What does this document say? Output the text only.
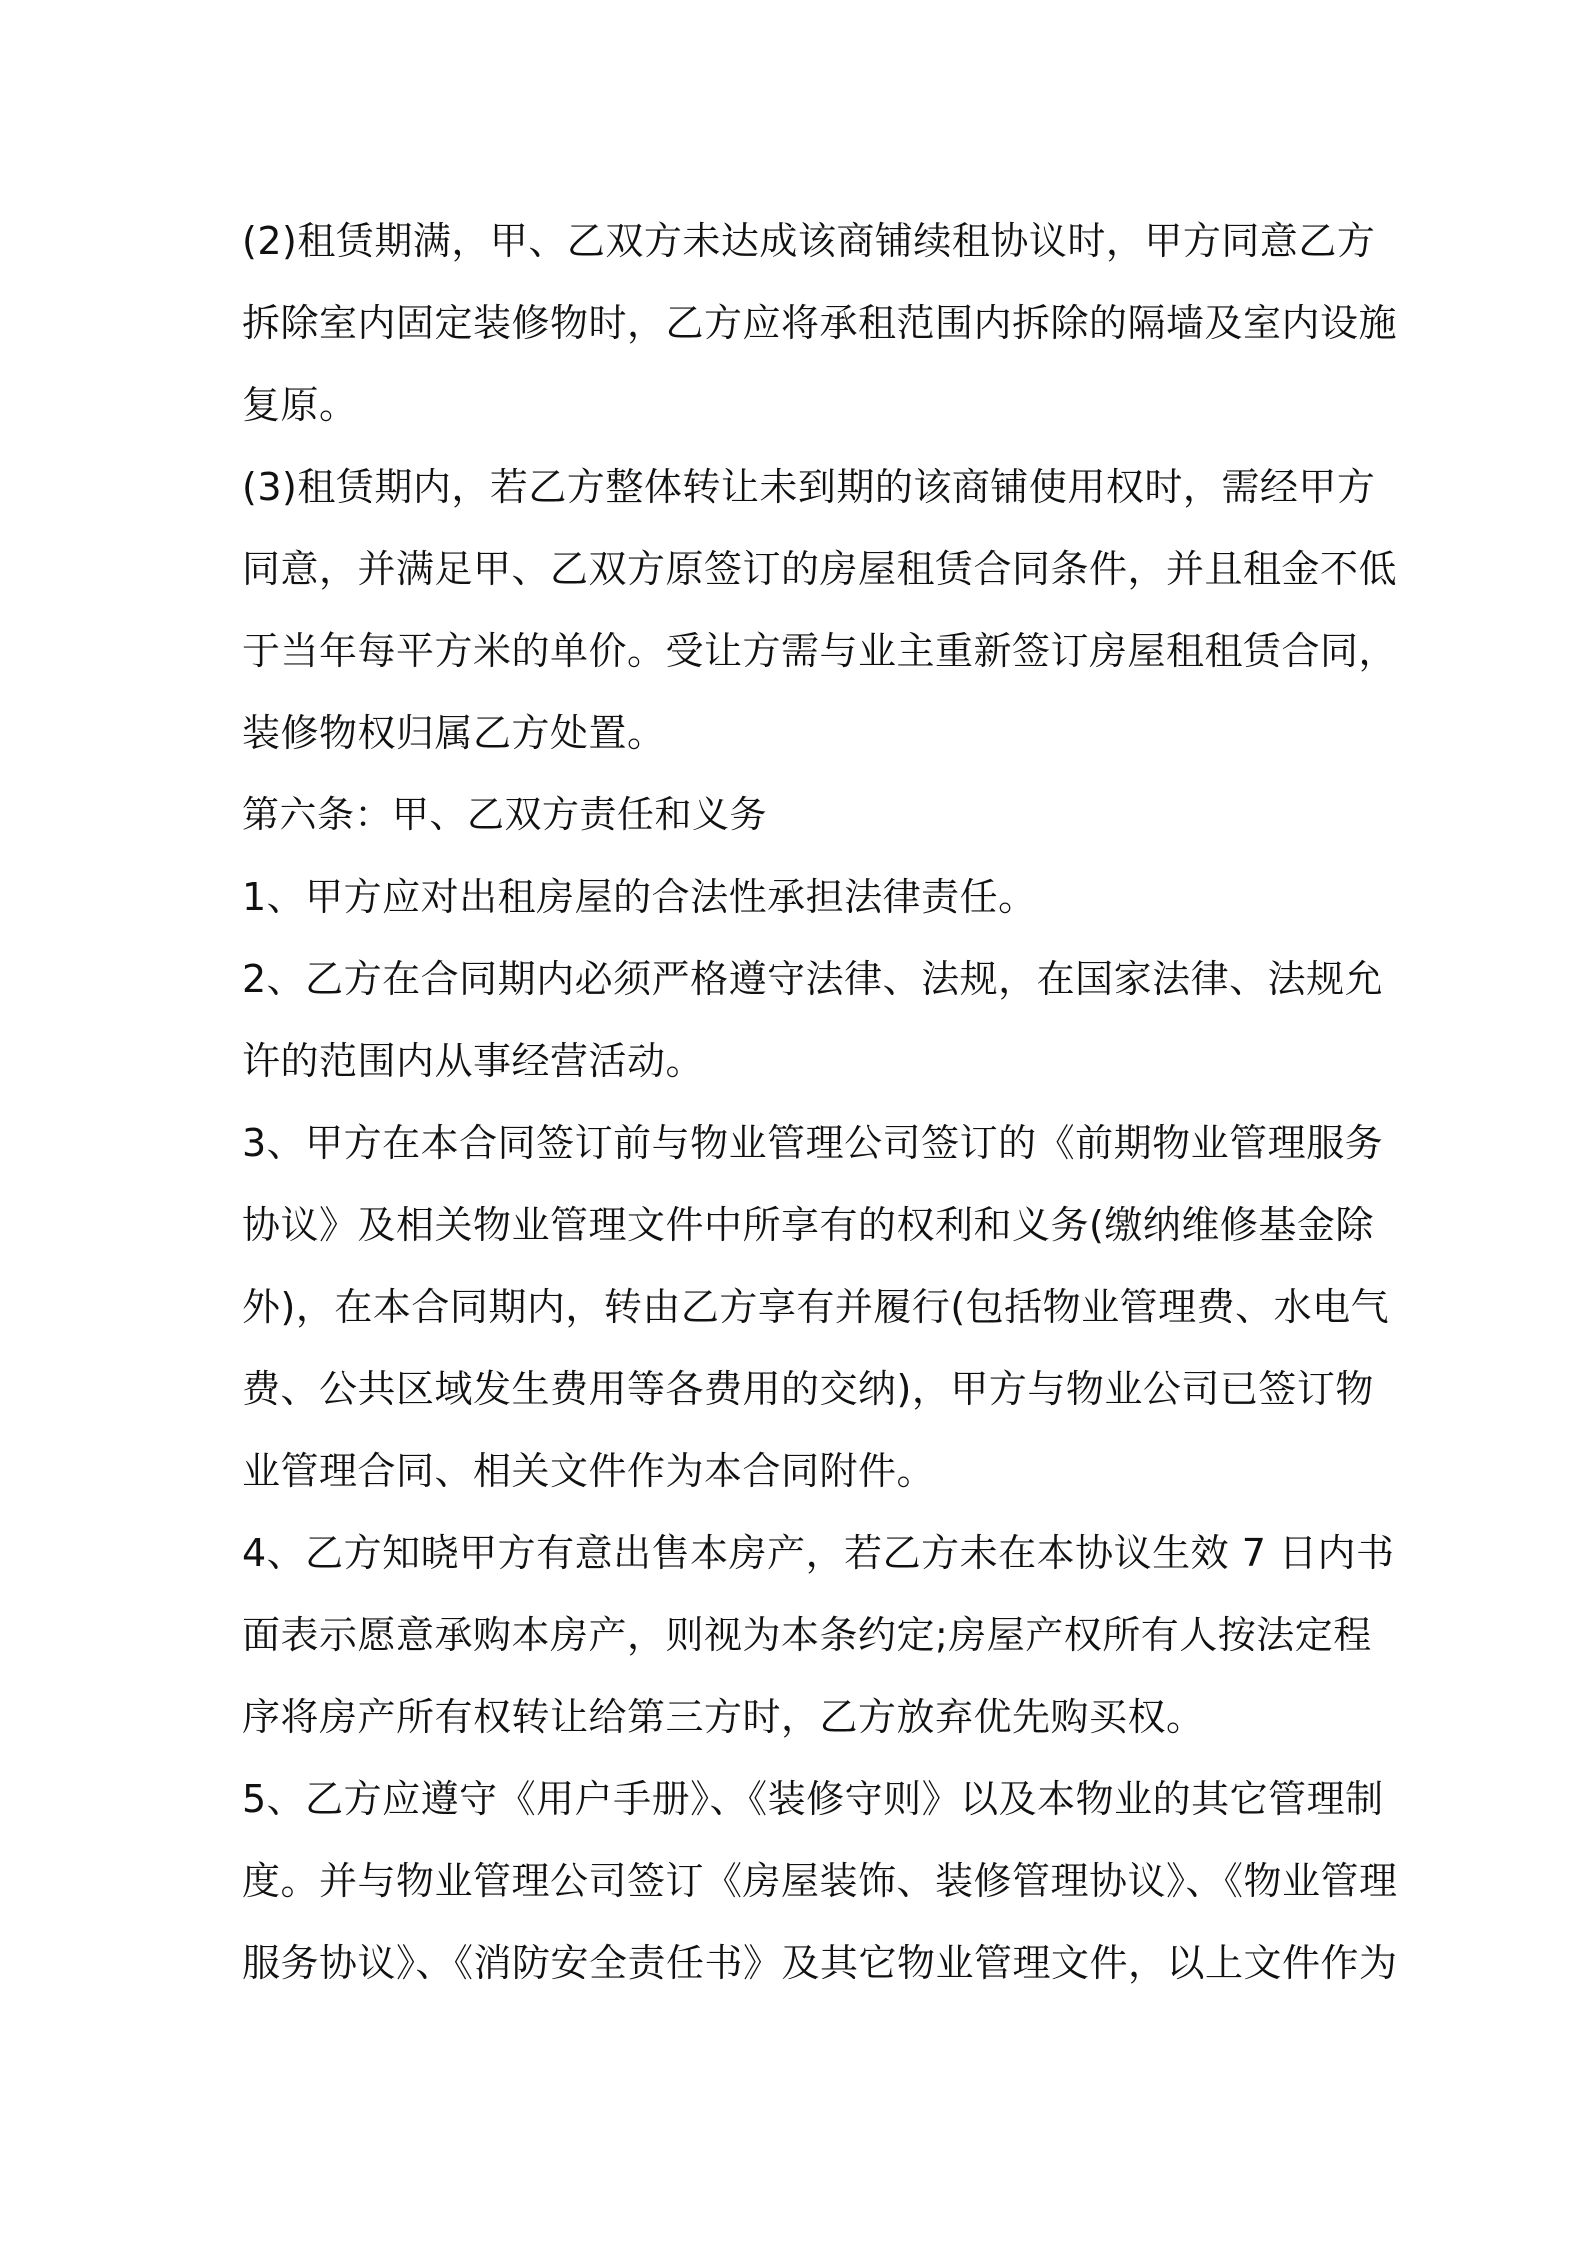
(2)租赁期满，甲、乙双方未达成该商铺续租协议时，甲方同意乙方
拆除室内固定装修物时，乙方应将承租范围内拆除的隔墙及室内设施
复原。
(3)租赁期内，若乙方整体转让未到期的该商铺使用权时，需经甲方
同意，并满足甲、乙双方原签订的房屋租赁合同条件，并且租金不低
于当年每平方米的单价。受让方需与业主重新签订房屋租租赁合同，
装修物权归属乙方处置。
第六条：甲、乙双方责任和义务
1、甲方应对出租房屋的合法性承担法律责任。
2、乙方在合同期内必须严格遵守法律、法规，在国家法律、法规允
许的范围内从事经营活动。
3、甲方在本合同签订前与物业管理公司签订的《前期物业管理服务
协议》及相关物业管理文件中所享有的权利和义务(缴纳维修基金除
外)，在本合同期内，转由乙方享有并履行(包括物业管理费、水电气
费、公共区域发生费用等各费用的交纳)，甲方与物业公司已签订物
业管理合同、相关文件作为本合同附件。
4、乙方知晓甲方有意出售本房产，若乙方未在本协议生效 7 日内书
面表示愿意承购本房产，则视为本条约定;房屋产权所有人按法定程
序将房产所有权转让给第三方时，乙方放弃优先购买权。
5、乙方应遵守《用户手册》、《装修守则》以及本物业的其它管理制
度。并与物业管理公司签订《房屋装饰、装修管理协议》、《物业管理
服务协议》、《消防安全责任书》及其它物业管理文件，以上文件作为
